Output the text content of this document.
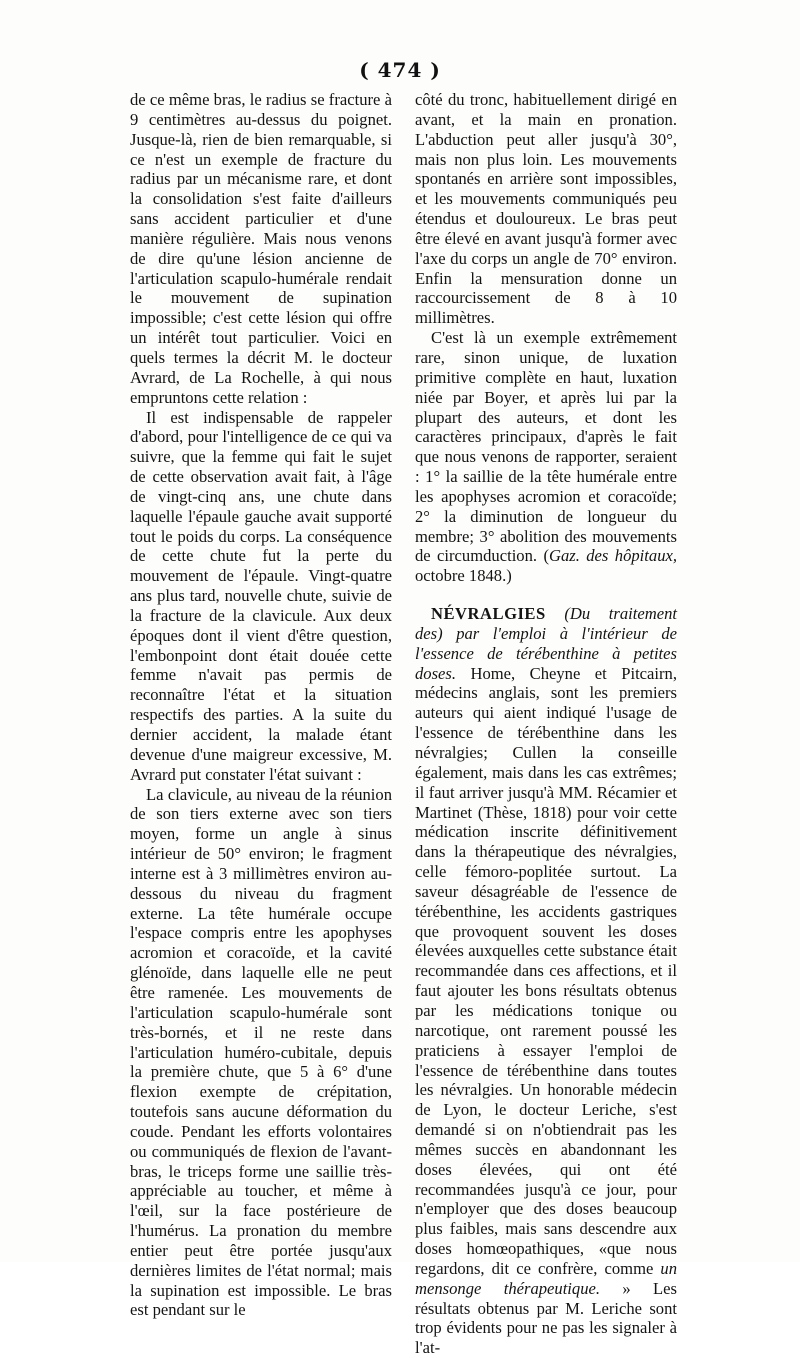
( 474 )

de ce même bras, le radius se fracture à 9 centimètres au-dessus du poignet. Jusque-là, rien de bien remarquable, si ce n'est un exemple de fracture du radius par un mécanisme rare, et dont la consolidation s'est faite d'ailleurs sans accident particulier et d'une manière régulière. Mais nous venons de dire qu'une lésion ancienne de l'articulation scapulo-humérale rendait le mouvement de supination impossible; c'est cette lésion qui offre un intérêt tout particulier. Voici en quels termes la décrit M. le docteur Avrard, de La Rochelle, à qui nous empruntons cette relation :

Il est indispensable de rappeler d'abord, pour l'intelligence de ce qui va suivre, que la femme qui fait le sujet de cette observation avait fait, à l'âge de vingt-cinq ans, une chute dans laquelle l'épaule gauche avait supporté tout le poids du corps. La conséquence de cette chute fut la perte du mouvement de l'épaule. Vingt-quatre ans plus tard, nouvelle chute, suivie de la fracture de la clavicule. Aux deux époques dont il vient d'être question, l'embonpoint dont était douée cette femme n'avait pas permis de reconnaître l'état et la situation respectifs des parties. A la suite du dernier accident, la malade étant devenue d'une maigreur excessive, M. Avrard put constater l'état suivant :

La clavicule, au niveau de la réunion de son tiers externe avec son tiers moyen, forme un angle à sinus intérieur de 50° environ; le fragment interne est à 3 millimètres environ au-dessous du niveau du fragment externe. La tête humérale occupe l'espace compris entre les apophyses acromion et coracoïde, et la cavité glénoïde, dans laquelle elle ne peut être ramenée. Les mouvements de l'articulation scapulo-humérale sont très-bornés, et il ne reste dans l'articulation huméro-cubitale, depuis la première chute, que 5 à 6° d'une flexion exempte de crépitation, toutefois sans aucune déformation du coude. Pendant les efforts volontaires ou communiqués de flexion de l'avant-bras, le triceps forme une saillie très-appréciable au toucher, et même à l'œil, sur la face postérieure de l'humérus. La pronation du membre entier peut être portée jusqu'aux dernières limites de l'état normal; mais la supination est impossible. Le bras est pendant sur le

côté du tronc, habituellement dirigé en avant, et la main en pronation. L'abduction peut aller jusqu'à 30°, mais non plus loin. Les mouvements spontanés en arrière sont impossibles, et les mouvements communiqués peu étendus et douloureux. Le bras peut être élevé en avant jusqu'à former avec l'axe du corps un angle de 70° environ. Enfin la mensuration donne un raccourcissement de 8 à 10 millimètres.

C'est là un exemple extrêmement rare, sinon unique, de luxation primitive complète en haut, luxation niée par Boyer, et après lui par la plupart des auteurs, et dont les caractères principaux, d'après le fait que nous venons de rapporter, seraient : 1° la saillie de la tête humérale entre les apophyses acromion et coracoïde; 2° la diminution de longueur du membre; 3° abolition des mouvements de circumduction. (Gaz. des hôpitaux, octobre 1848.)

NÉVRALGIES (Du traitement des) par l'emploi à l'intérieur de l'essence de térébenthine à petites doses. Home, Cheyne et Pitcairn, médecins anglais, sont les premiers auteurs qui aient indiqué l'usage de l'essence de térébenthine dans les névralgies; Cullen la conseille également, mais dans les cas extrêmes; il faut arriver jusqu'à MM. Récamier et Martinet (Thèse, 1818) pour voir cette médication inscrite définitivement dans la thérapeutique des névralgies, celle fémoro-poplitée surtout. La saveur désagréable de l'essence de térébenthine, les accidents gastriques que provoquent souvent les doses élevées auxquelles cette substance était recommandée dans ces affections, et il faut ajouter les bons résultats obtenus par les médications tonique ou narcotique, ont rarement poussé les praticiens à essayer l'emploi de l'essence de térébenthine dans toutes les névralgies. Un honorable médecin de Lyon, le docteur Leriche, s'est demandé si on n'obtiendrait pas les mêmes succès en abandonnant les doses élevées, qui ont été recommandées jusqu'à ce jour, pour n'employer que des doses beaucoup plus faibles, mais sans descendre aux doses homœopathiques, «que nous regardons, dit ce confrère, comme un mensonge thérapeutique. » Les résultats obtenus par M. Leriche sont trop évidents pour ne pas les signaler à l'at-
